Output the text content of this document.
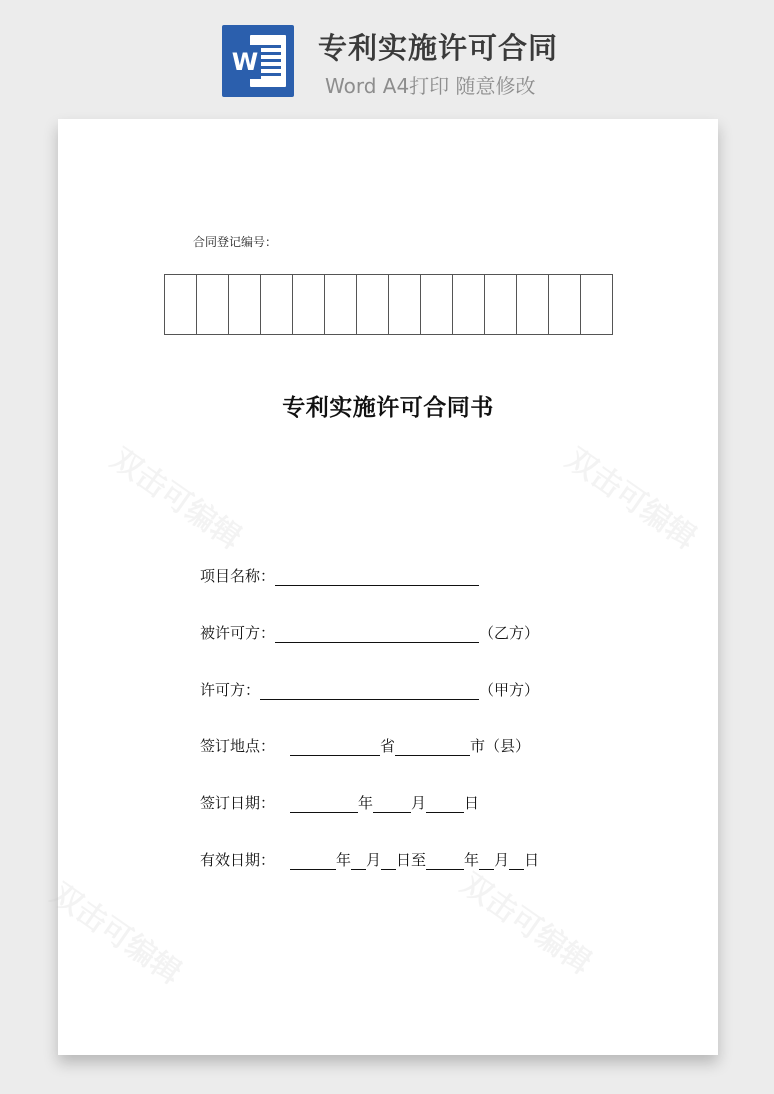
W 专利实施许可合同
Word A4打印 随意修改
合同登记编号：
专利实施许可合同书
项目名称：
被许可方：	（乙方）
许可方：	（甲方）
签订地点：	省	市（县）
签订日期：	年	月	日
有效日期：	年 月 日至	年 月 日
双击可编辑	双击可编辑
双击可编辑	双击可编辑
